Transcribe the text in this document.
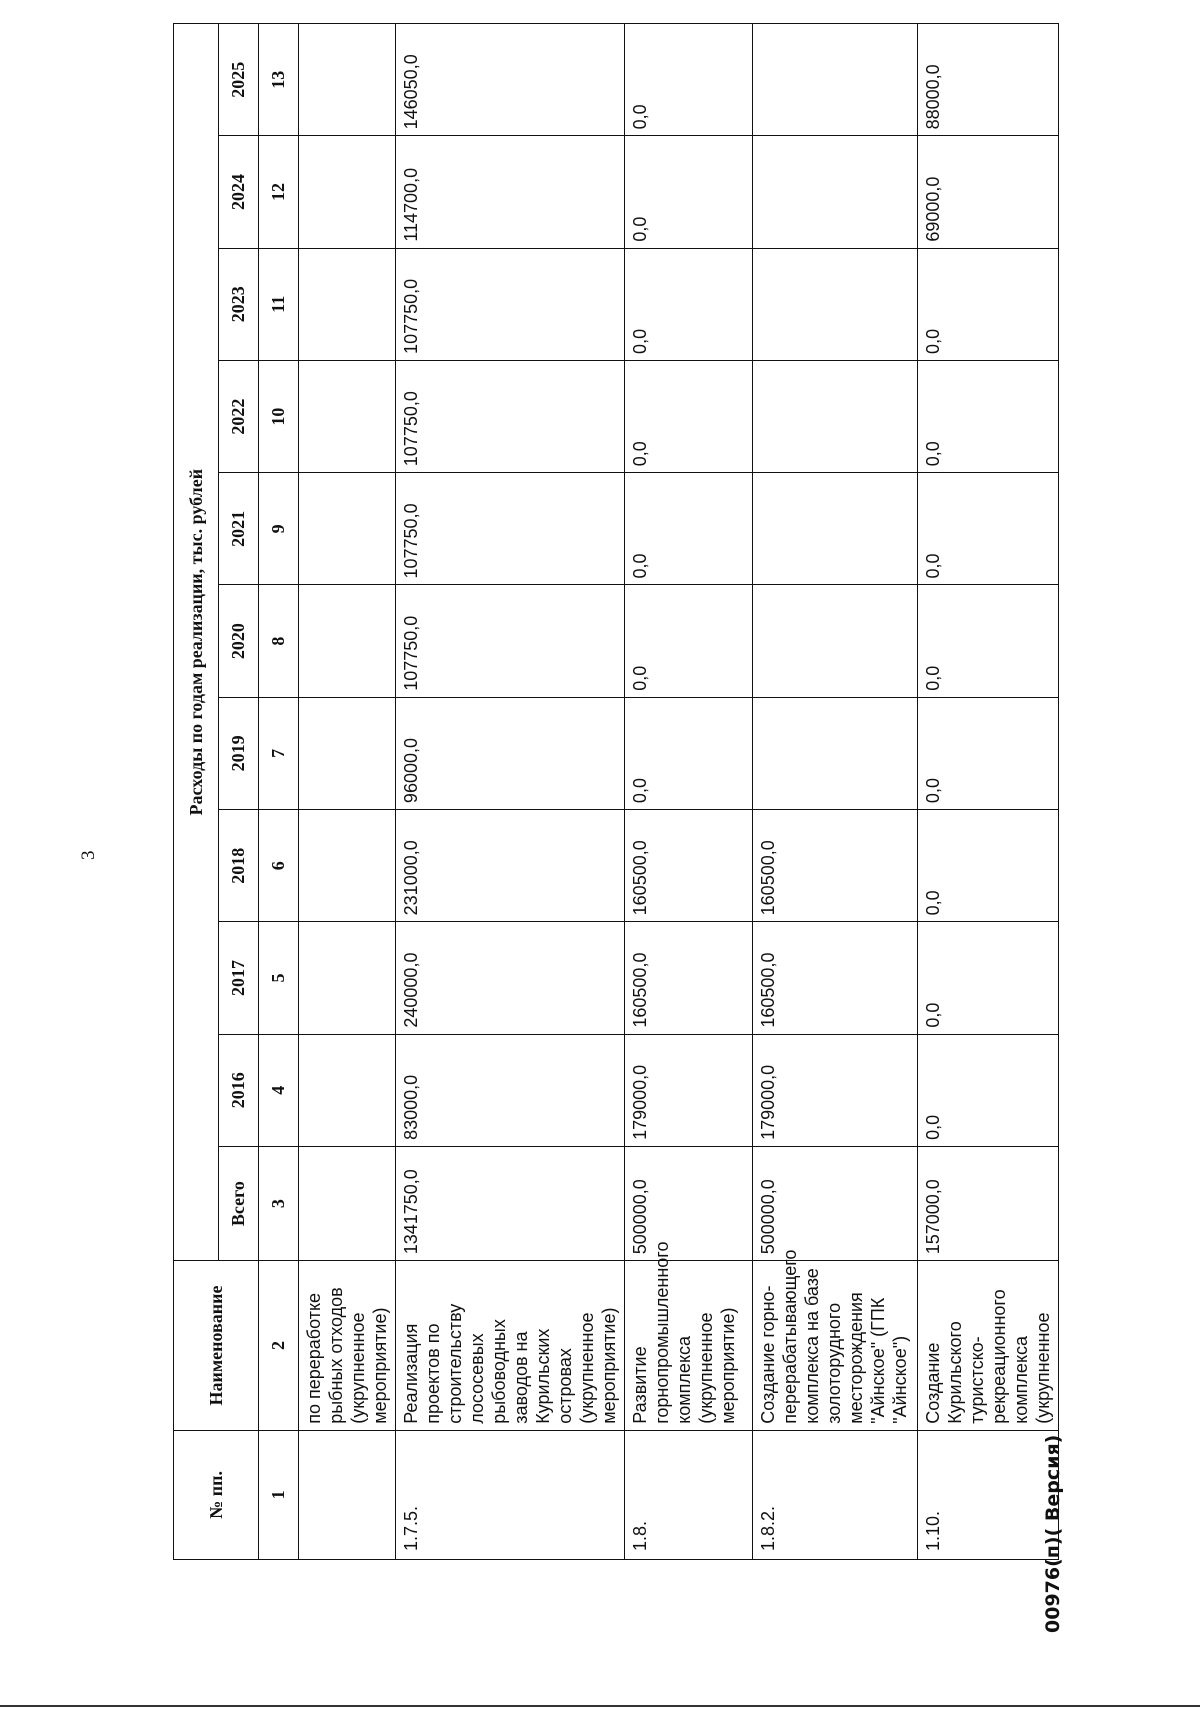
3
00976(п)( Версия)
№ пп.	Наименование	Расходы по годам реализации, тыс. рублей										
		Всего	2016	2017	2018	2019	2020	2021	2022	2023	2024	2025
1	2	3	4	5	6	7	8	9	10	11	12	13
	по переработке рыбных отходов (укрупненное мероприятие)											
1.7.5.	Реализация проектов по строительству лососевых рыбоводных заводов на Курильских островах (укрупненное мероприятие)	1341750,0	83000,0	240000,0	231000,0	96000,0	107750,0	107750,0	107750,0	107750,0	114700,0	146050,0
1.8.	Развитие горнопромышленного комплекса (укрупненное мероприятие)	500000,0	179000,0	160500,0	160500,0	0,0	0,0	0,0	0,0	0,0	0,0	0,0
1.8.2.	Создание горно-перерабатывающего комплекса на базе золоторудного месторождения "Айнское" (ГПК "Айнское")	500000,0	179000,0	160500,0	160500,0							
1.10.	Создание Курильского туристско-рекреационного комплекса (укрупненное	157000,0	0,0	0,0	0,0	0,0	0,0	0,0	0,0	0,0	69000,0	88000,0
